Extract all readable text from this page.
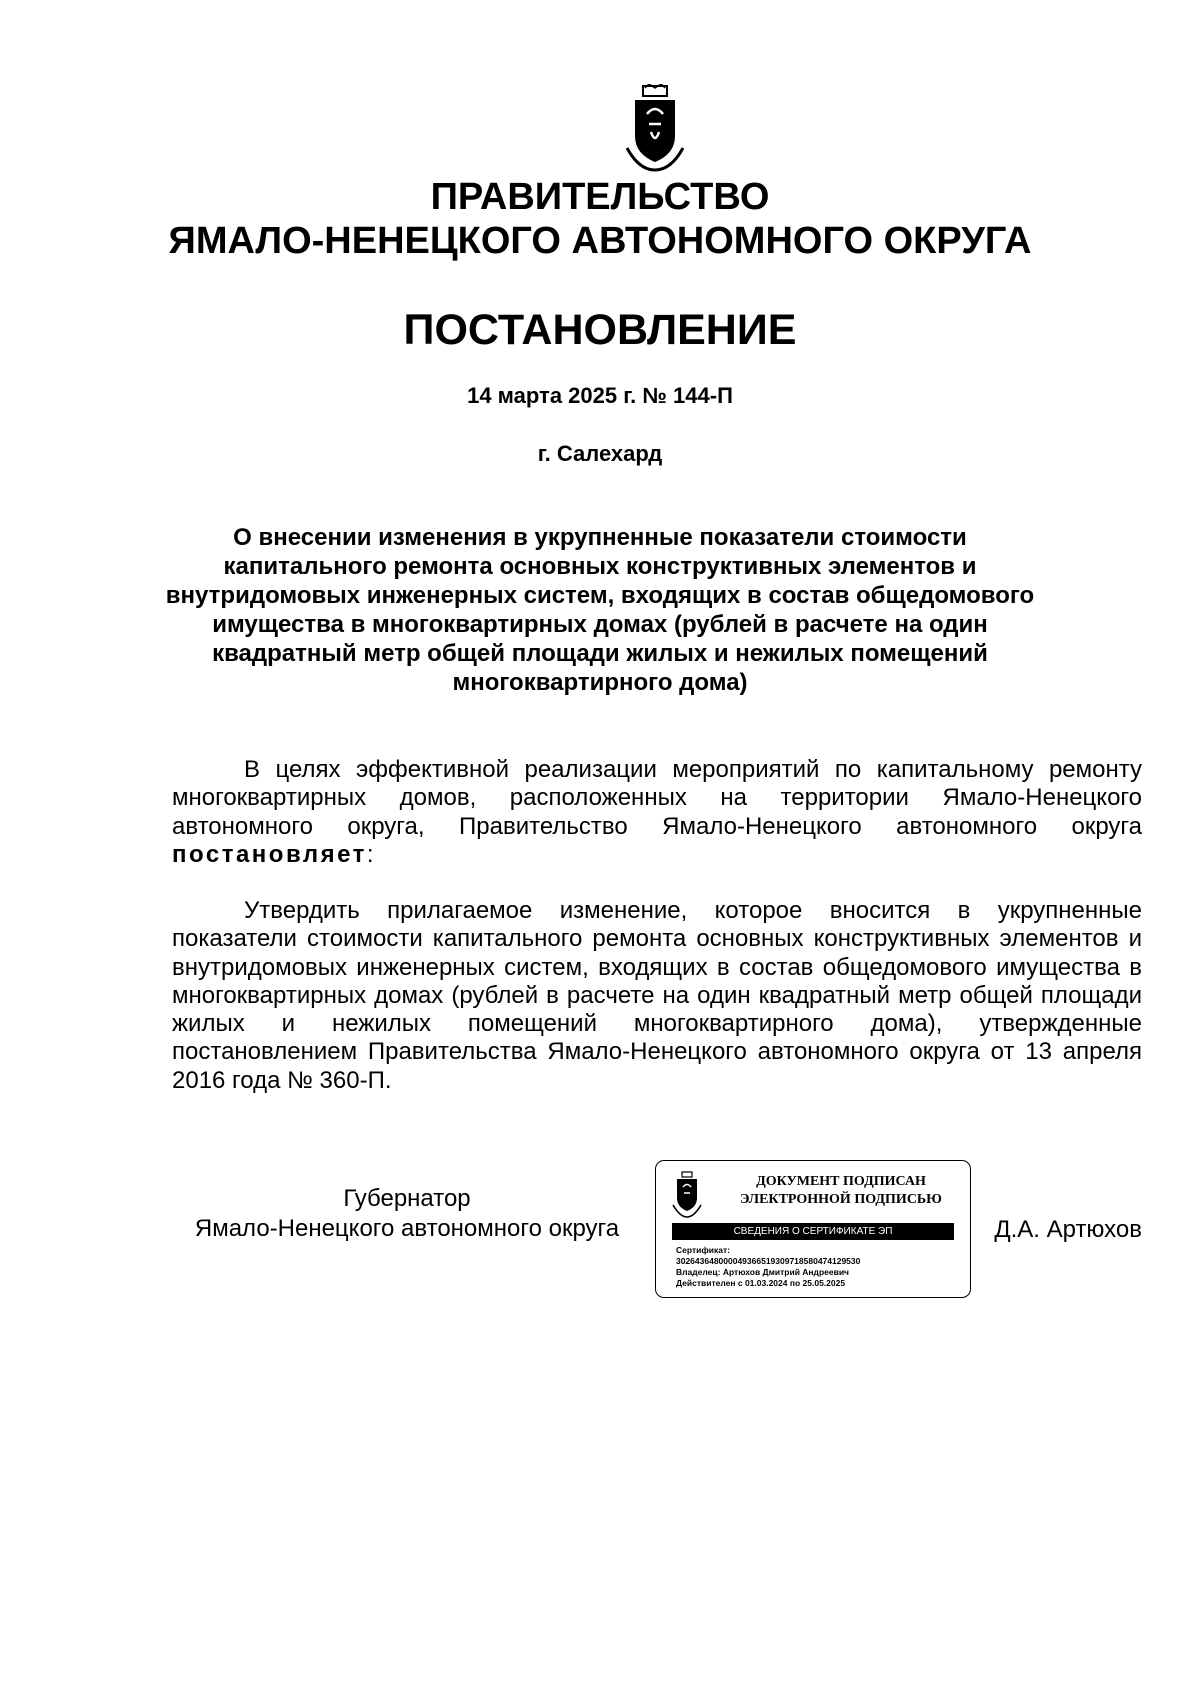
ПРАВИТЕЛЬСТВО
ЯМАЛО-НЕНЕЦКОГО АВТОНОМНОГО ОКРУГА
ПОСТАНОВЛЕНИЕ
14 марта 2025 г. № 144-П
г. Салехард
О внесении изменения в укрупненные показатели стоимости капитального ремонта основных конструктивных элементов и внутридомовых инженерных систем, входящих в состав общедомового имущества в многоквартирных домах (рублей в расчете на один квадратный метр общей площади жилых и нежилых помещений многоквартирного дома)
В целях эффективной реализации мероприятий по капитальному ремонту многоквартирных домов, расположенных на территории Ямало-Ненецкого автономного округа, Правительство Ямало-Ненецкого автономного округа постановляет:
Утвердить прилагаемое изменение, которое вносится в укрупненные показатели стоимости капитального ремонта основных конструктивных элементов и внутридомовых инженерных систем, входящих в состав общедомового имущества в многоквартирных домах (рублей в расчете на один квадратный метр общей площади жилых и нежилых помещений многоквартирного дома), утвержденные постановлением Правительства Ямало-Ненецкого автономного округа от 13 апреля 2016 года № 360-П.
Губернатор
Ямало-Ненецкого автономного округа
ДОКУМЕНТ ПОДПИСАН
ЭЛЕКТРОННОЙ ПОДПИСЬЮ
СВЕДЕНИЯ О СЕРТИФИКАТЕ ЭП
Сертификат:
302643648000049366519309718580474129530
Владелец: Артюхов Дмитрий Андреевич
Действителен с 01.03.2024 по 25.05.2025
Д.А. Артюхов
